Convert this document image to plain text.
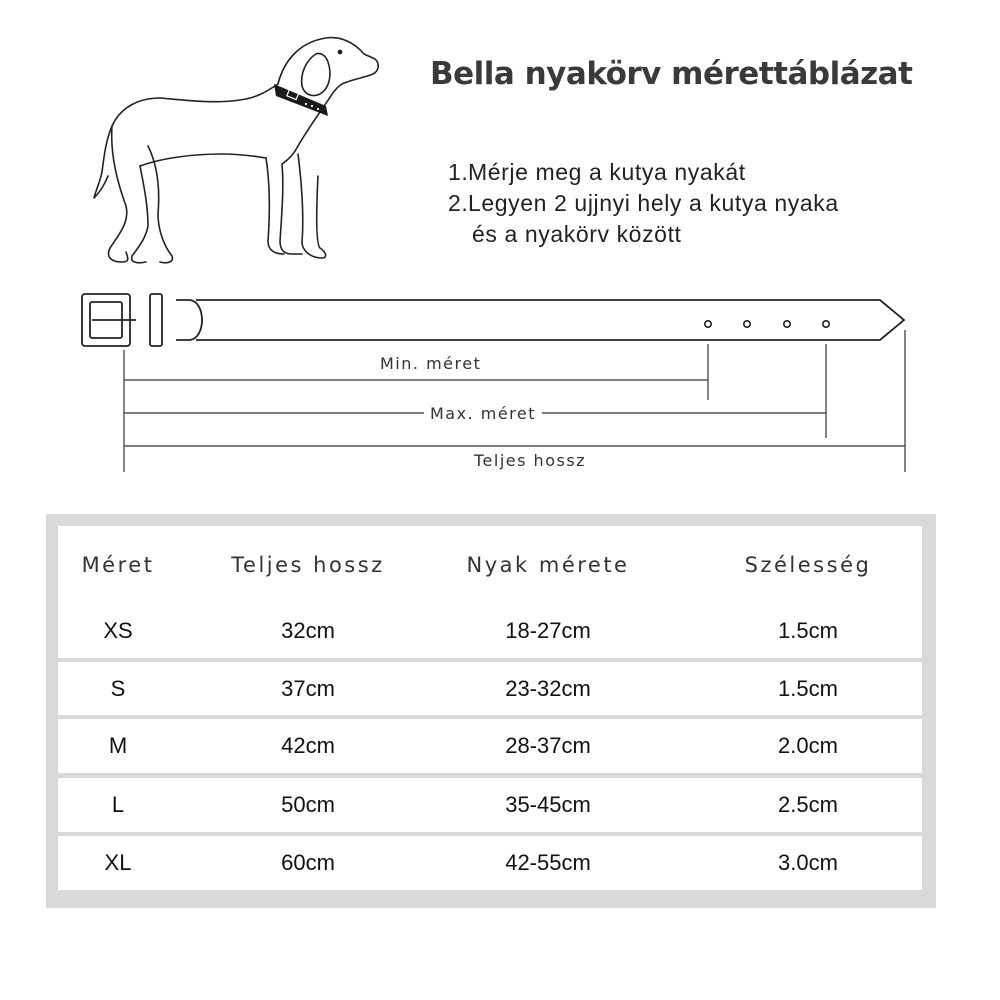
Bella nyakörv mérettáblázat
1. Mérje meg a kutya nyakát
2. Legyen 2 ujjnyi hely a kutya nyaka
és a nyakörv között
Min. méret
Max. méret
Teljes hossz
Méret	Teljes hossz	Nyak mérete	Szélesség
XS	32cm	18-27cm	1.5cm
S	37cm	23-32cm	1.5cm
M	42cm	28-37cm	2.0cm
L	50cm	35-45cm	2.5cm
XL	60cm	42-55cm	3.0cm
